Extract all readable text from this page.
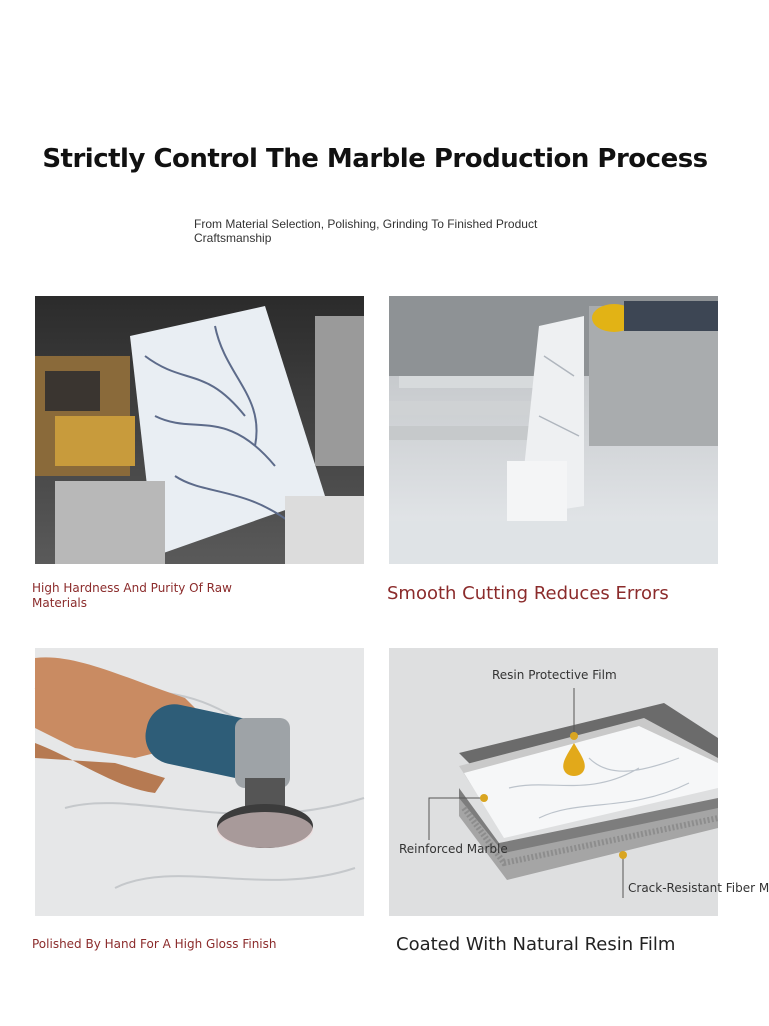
Strictly Control The Marble Production Process
From Material Selection, Polishing, Grinding To Finished Product Craftsmanship
Resin Protective Film
Reinforced Marble
Crack-Resistant Fiber M
High Hardness And Purity Of Raw Materials	Smooth Cutting Reduces Errors
Polished By Hand For A High Gloss Finish	Coated With Natural Resin Film
